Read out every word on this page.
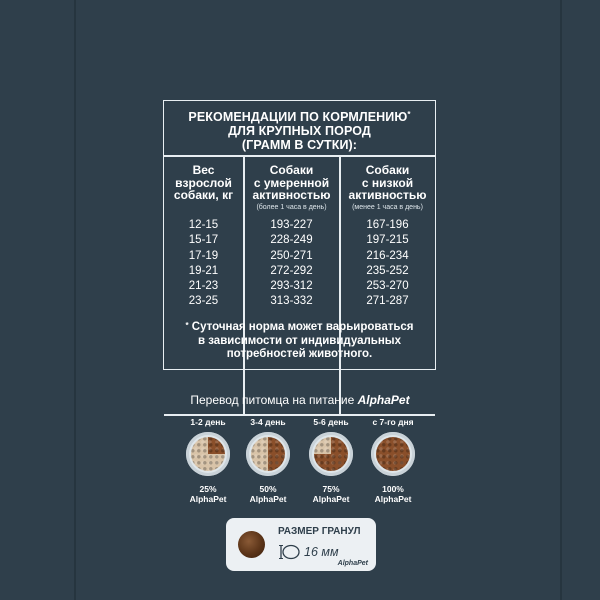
РЕКОМЕНДАЦИИ ПО КОРМЛЕНИЮ*
ДЛЯ КРУПНЫХ ПОРОД
(ГРАММ В СУТКИ):
Вес
взрослой
собаки, кг
12-15
15-17
17-19
19-21
21-23
23-25
Собаки
с умеренной
активностью
(более 1 часа в день)
193-227
228-249
250-271
272-292
293-312
313-332
Собаки
с низкой
активностью
(менее 1 часа в день)
167-196
197-215
216-234
235-252
253-270
271-287
* Суточная норма может варьироваться
в зависимости от индивидуальных
потребностей животного.
Перевод питомца на питание AlphaPet
1-2 день
25%
AlphaPet
3-4 день
50%
AlphaPet
5-6 день
75%
AlphaPet
с 7-го дня
100%
AlphaPet
РАЗМЕР ГРАНУЛ
16 мм
AlphaPet
